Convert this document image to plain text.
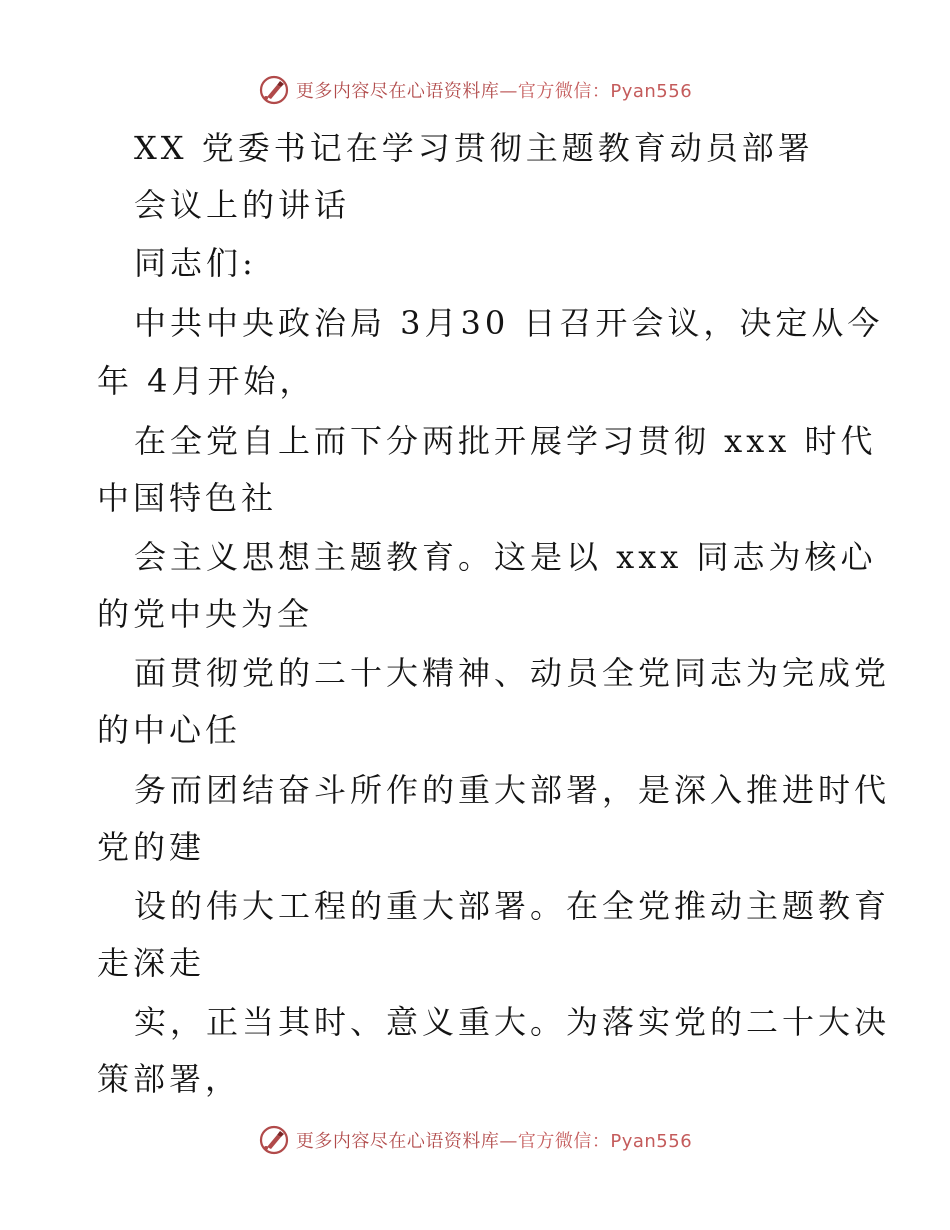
更多内容尽在心语资料库—官方微信：Pyan556
XX 党委书记在学习贯彻主题教育动员部署
会议上的讲话
同志们:
中共中央政治局 3月30 日召开会议，决定从今
年 4月开始，
在全党自上而下分两批开展学习贯彻 xxx 时代
中国特色社
会主义思想主题教育。这是以 xxx 同志为核心
的党中央为全
面贯彻党的二十大精神、动员全党同志为完成党
的中心任
务而团结奋斗所作的重大部署，是深入推进时代
党的建
设的伟大工程的重大部署。在全党推动主题教育
走深走
实，正当其时、意义重大。为落实党的二十大决
策部署，
更多内容尽在心语资料库—官方微信：Pyan556
